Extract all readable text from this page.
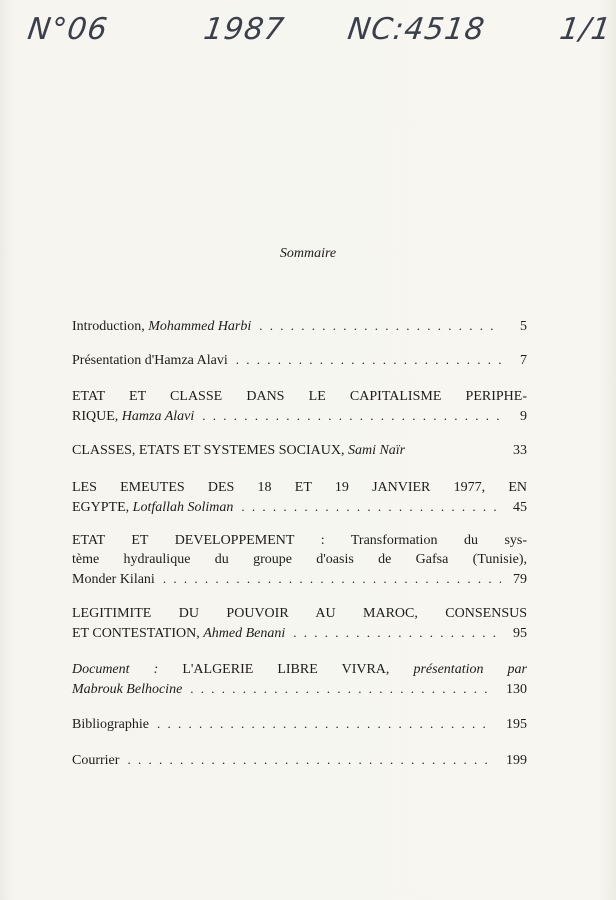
N°06	1987 NC:4518 1/1
Sommaire
Introduction, Mohammed Harbi . . .	5
Présentation d'Hamza Alavi . . .	7
ETAT ET CLASSE DANS LE CAPITALISME PERIPHE-
RIQUE, Hamza Alavi . . .	9
CLASSES, ETATS ET SYSTEMES SOCIAUX, Sami Naïr	33
LES EMEUTES DES 18 ET 19 JANVIER 1977, EN
EGYPTE, Lotfallah Soliman . . .	45
ETAT ET DEVELOPPEMENT : Transformation du sys-
tème hydraulique du groupe d'oasis de Gafsa (Tunisie),
Monder Kilani . . .	79
LEGITIMITE DU POUVOIR AU MAROC, CONSENSUS
ET CONTESTATION, Ahmed Benani . . .	95
Document : L'ALGERIE LIBRE VIVRA, présentation par
Mabrouk Belhocine . . .	130
Bibliographie . . .	195
Courrier . . .	199
